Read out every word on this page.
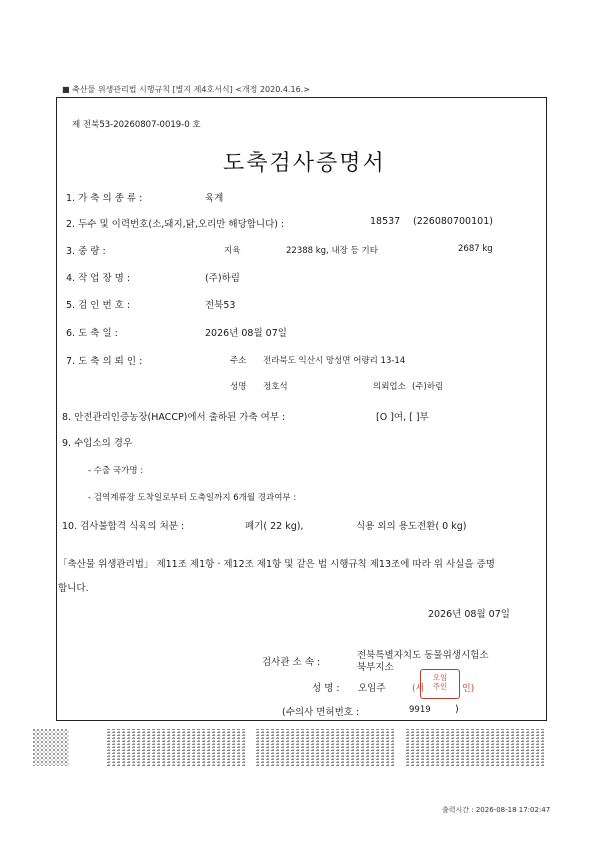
■ 축산물 위생관리법 시행규칙 [별지 제4호서식] <개정 2020.4.16.>
제 전북53-20260807-0019-0 호
도축검사증명서
1. 가 축 의 종 류 :	육계
2. 두수 및 이력번호(소,돼지,닭,오리만 해당합니다) :	18537 (226080700101)
3. 중 량 :	지육	22388 kg, 내장 등 기타	2687 kg
4. 작 업 장 명 :	(주)하림
5. 검 인 번 호 :	전북53
6. 도 축 일 :	2026년 08월 07일
7. 도 축 의 뢰 인 :	주소 전라북도 익산시 망성면 어량리 13-14
성명 정호석	의뢰업소 (주)하림
8. 안전관리인증농장(HACCP)에서 출하된 가축 여부 :	[O ]여, [ ]부
9. 수입소의 경우
- 수출 국가명 :
- 검역계류장 도착일로부터 도축일까지 6개월 경과여부 :
10. 검사불합격 식육의 처분 :	폐기( 22 kg),	식용 외의 용도전환( 0 kg)
「축산물 위생관리법」 제11조 제1항 · 제12조 제1항 및 같은 법 시행규칙 제13조에 따라 위 사실을 증명
합니다.
2026년 08월 07일
검사관 소 속 :
전북특별자치도 동물위생시험소
북부지소
성 명 : 오임주	(서
오임
주인	인)
(수의사 면허번호 :	9919	)
출력시간 : 2026-08-18 17:02:47
